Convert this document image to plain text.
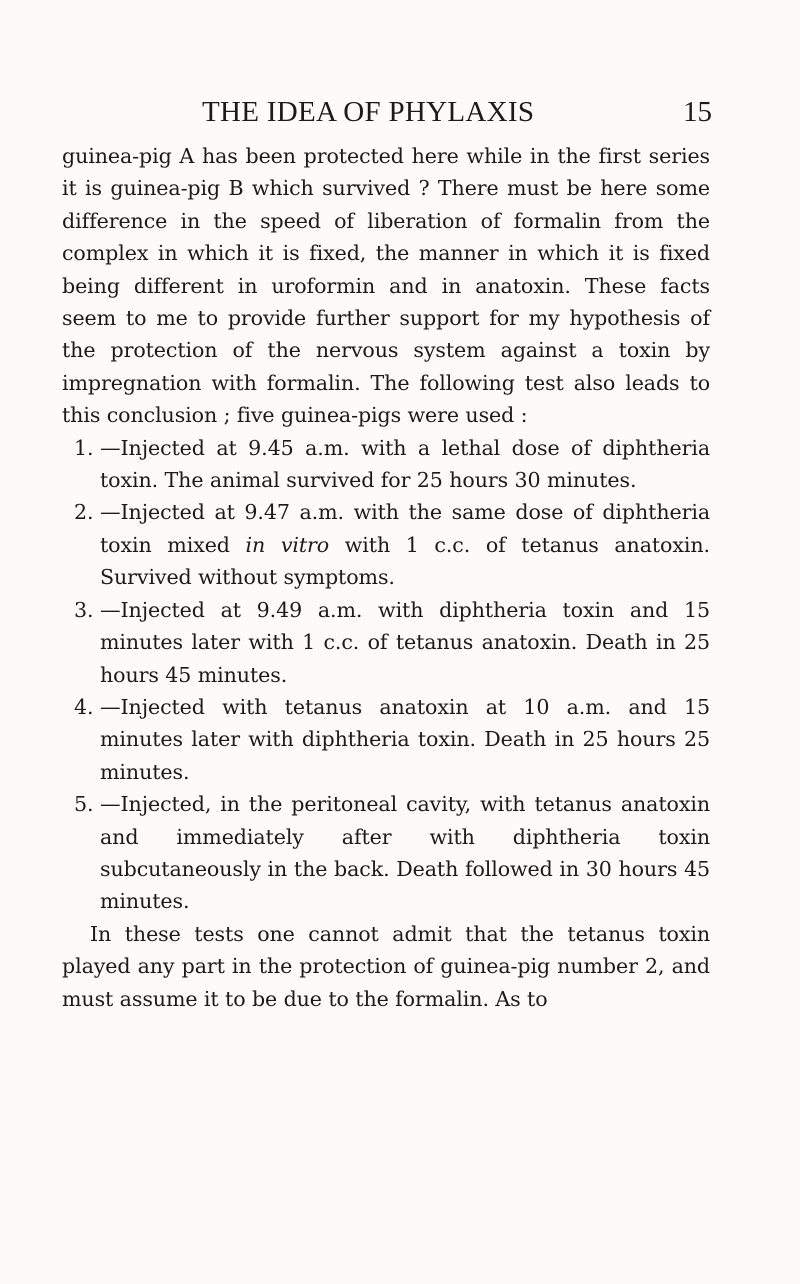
THE IDEA OF PHYLAXIS	15

guinea-pig A has been protected here while in the first series it is guinea-pig B which survived ? There must be here some difference in the speed of liberation of formalin from the complex in which it is fixed, the manner in which it is fixed being different in uroformin and in anatoxin. These facts seem to me to provide further support for my hypothesis of the protection of the nervous system against a toxin by impregnation with formalin. The following test also leads to this conclusion ; five guinea-pigs were used :

1. —Injected at 9.45 a.m. with a lethal dose of diphtheria toxin. The animal survived for 25 hours 30 minutes.
2. —Injected at 9.47 a.m. with the same dose of diphtheria toxin mixed in vitro with 1 c.c. of tetanus anatoxin. Survived without symptoms.
3. —Injected at 9.49 a.m. with diphtheria toxin and 15 minutes later with 1 c.c. of tetanus anatoxin. Death in 25 hours 45 minutes.
4. —Injected with tetanus anatoxin at 10 a.m. and 15 minutes later with diphtheria toxin. Death in 25 hours 25 minutes.
5. —Injected, in the peritoneal cavity, with tetanus anatoxin and immediately after with diphtheria toxin subcutaneously in the back. Death followed in 30 hours 45 minutes.

In these tests one cannot admit that the tetanus toxin played any part in the protection of guinea-pig number 2, and must assume it to be due to the formalin. As to
